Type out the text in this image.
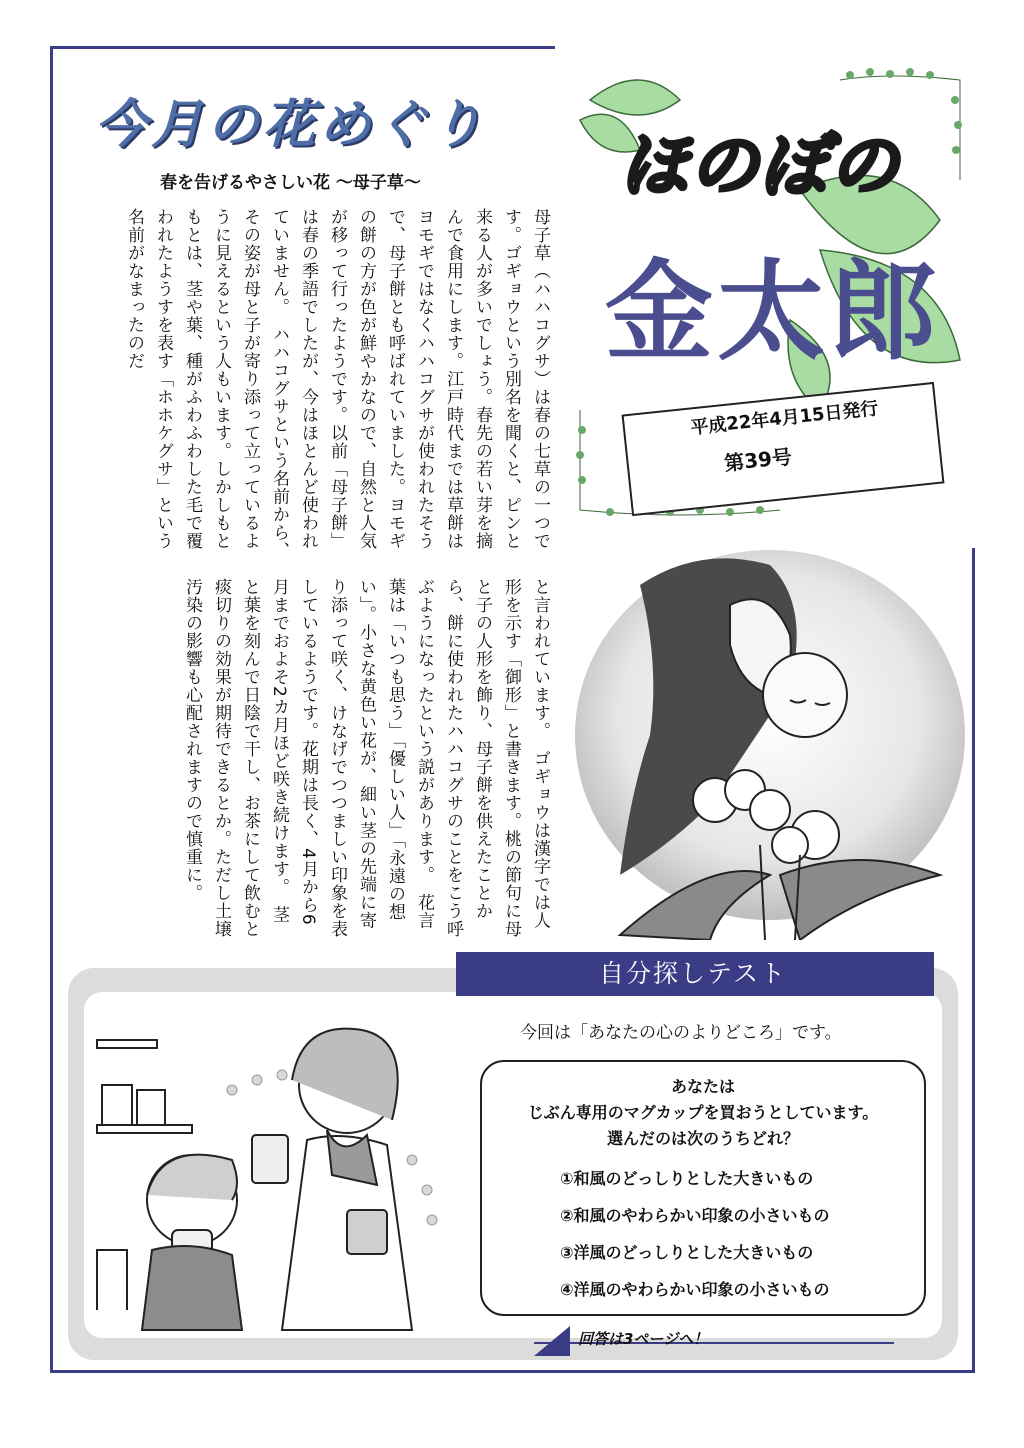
今月の花めぐり
春を告げるやさしい花 〜母子草〜
母子草（ハハコグサ）は春の七草の一つです。ゴギョウという別名を聞くと、ピンと来る人が多いでしょう。春先の若い芽を摘んで食用にします。江戸時代までは草餅はヨモギではなくハハコグサが使われたそうで、母子餅とも呼ばれていました。ヨモギの餅の方が色が鮮やかなので、自然と人気が移って行ったようです。以前「母子餅」は春の季語でしたが、今はほとんど使われていません。　ハハコグサという名前から、その姿が母と子が寄り添って立っているように見えるという人もいます。しかしもともとは、茎や葉、種がふわふわした毛で覆われたようすを表す「ホホケグサ」という名前がなまったのだ
と言われています。　ゴギョウは漢字では人形を示す「御形」と書きます。桃の節句に母と子の人形を飾り、母子餅を供えたことから、餅に使われたハハコグサのことをこう呼ぶようになったという説があります。　花言葉は「いつも思う」「優しい人」「永遠の想い」。小さな黄色い花が、細い茎の先端に寄り添って咲く、けなげでつつましい印象を表しているようです。花期は長く、4月から6月までおよそ2カ月ほど咲き続けます。　茎と葉を刻んで日陰で干し、お茶にして飲むと痰切りの効果が期待できるとか。ただし土壌汚染の影響も心配されますので慎重に。
ほのぼの
金太郎
平成22年4月15日発行
第39号
自分探しテスト
今回は「あなたの心のよりどころ」です。
あなたは
じぶん専用のマグカップを買おうとしています。
選んだのは次のうちどれ？
①和風のどっしりとした大きいもの
②和風のやわらかい印象の小さいもの
③洋風のどっしりとした大きいもの
④洋風のやわらかい印象の小さいもの
回答は3ページへ！
